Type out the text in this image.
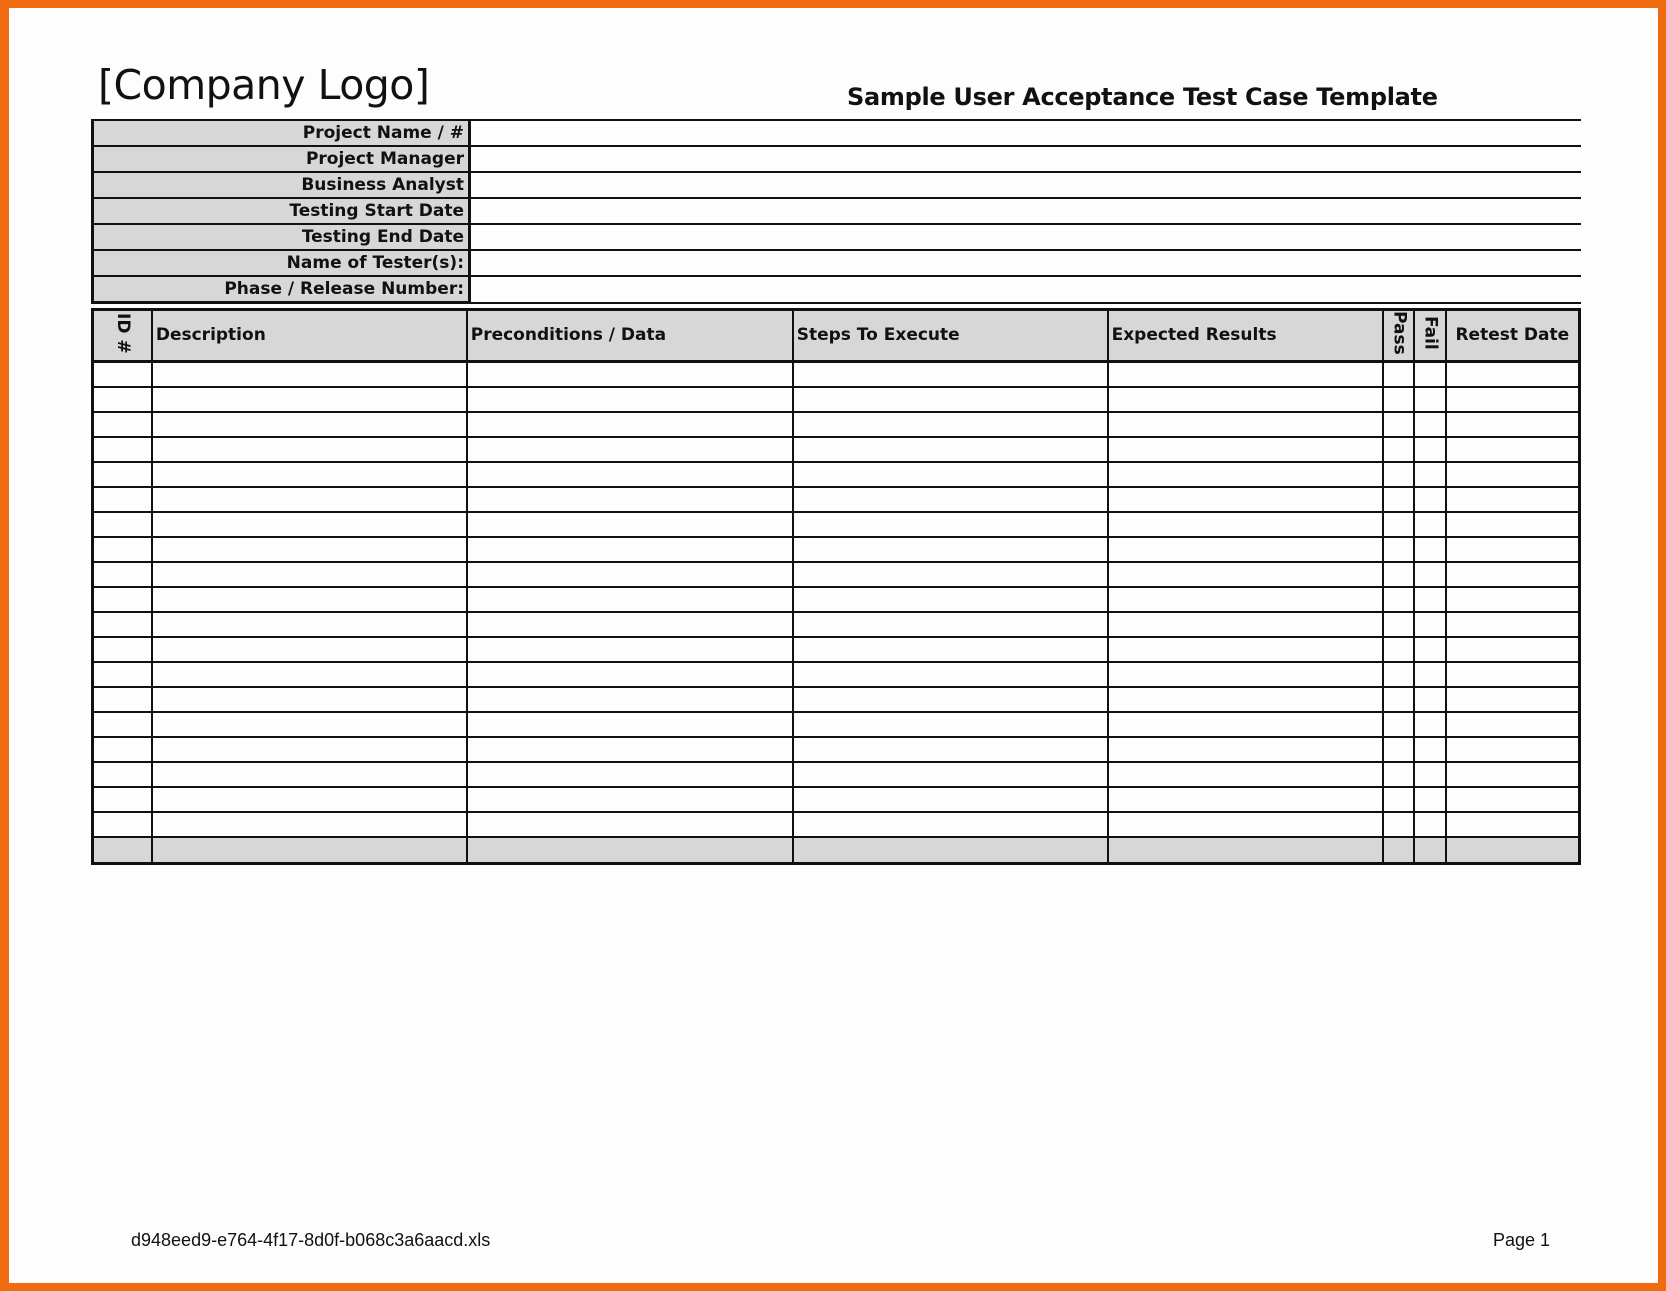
[Company Logo]	Sample User Acceptance Test Case Template
Project Name / #	
Project Manager	
Business Analyst	
Testing Start Date	
Testing End Date	
Name of Tester(s):	
Phase / Release Number:	
ID #	Description	Preconditions / Data	Steps To Execute	Expected Results	Pass	Fail	Retest Date

d948eed9-e764-4f17-8d0f-b068c3a6aacd.xls	Page 1
